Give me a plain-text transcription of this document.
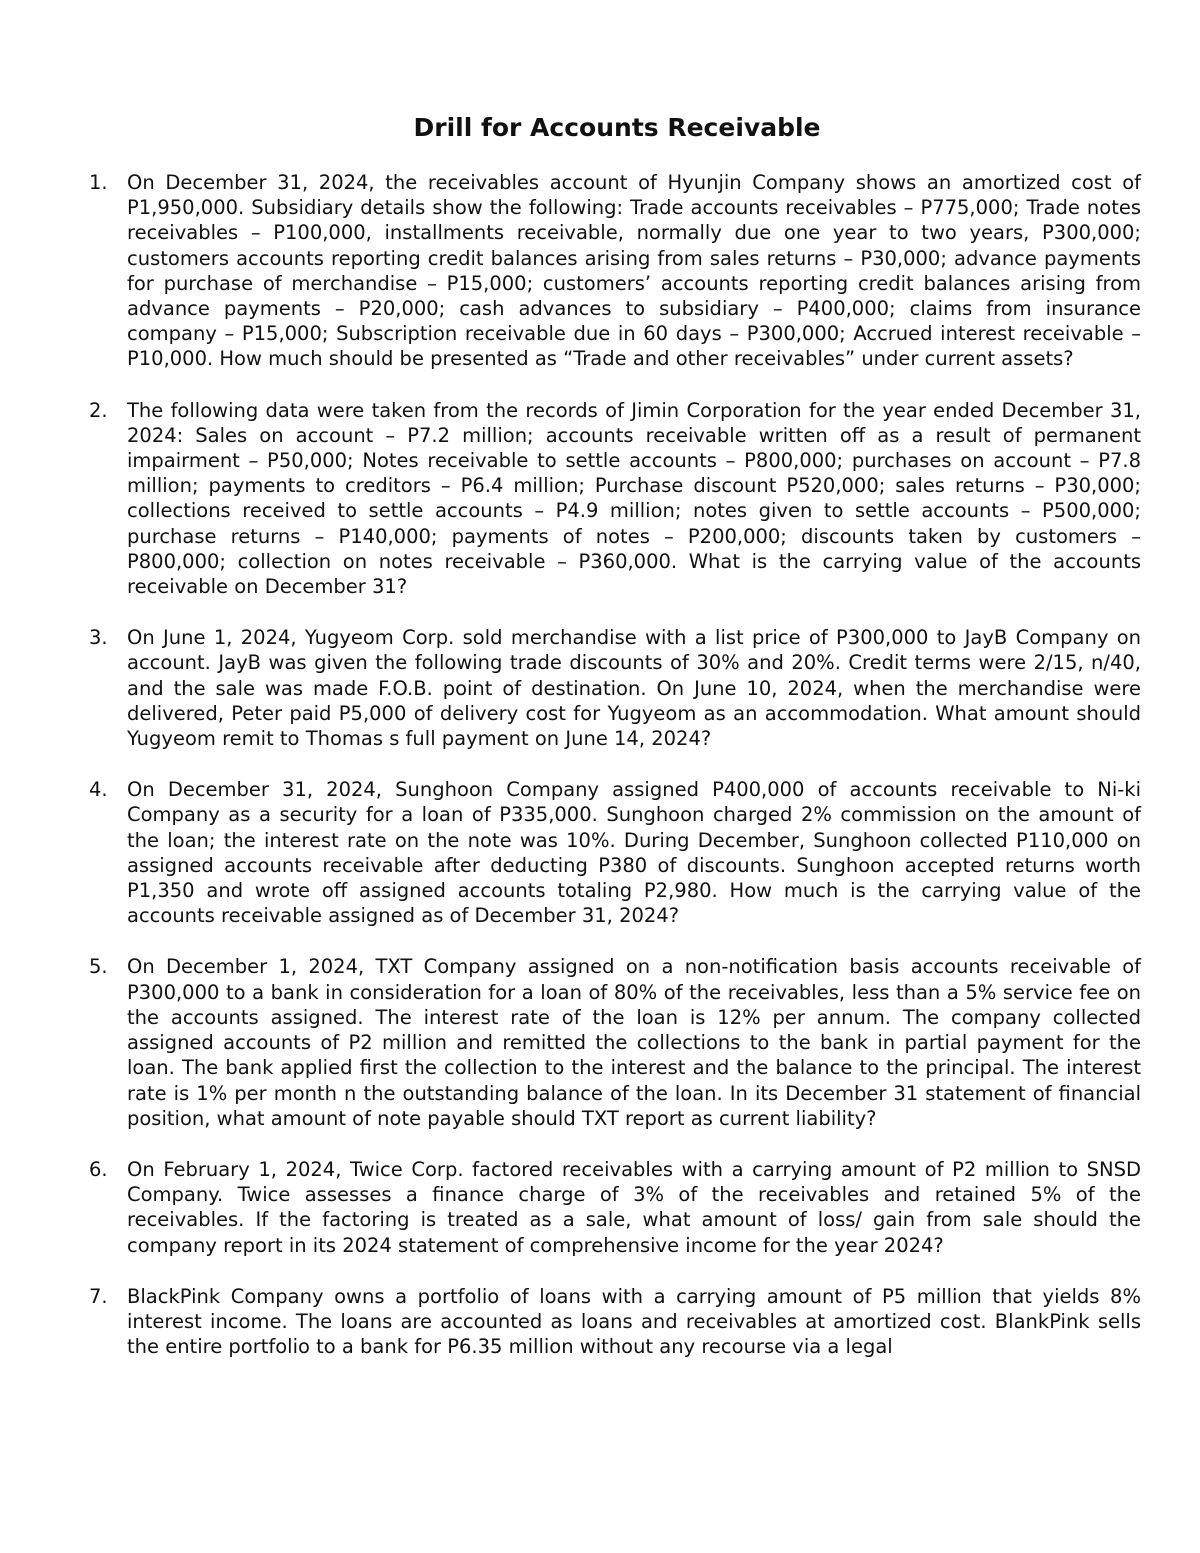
Drill for Accounts Receivable
1. On December 31, 2024, the receivables account of Hyunjin Company shows an amortized cost of P1,950,000. Subsidiary details show the following: Trade accounts receivables – P775,000; Trade notes receivables – P100,000, installments receivable, normally due one year to two years, P300,000; customers accounts reporting credit balances arising from sales returns – P30,000; advance payments for purchase of merchandise – P15,000; customers’ accounts reporting credit balances arising from advance payments – P20,000; cash advances to subsidiary – P400,000; claims from insurance company – P15,000; Subscription receivable due in 60 days – P300,000; Accrued interest receivable – P10,000. How much should be presented as “Trade and other receivables” under current assets?
2. The following data were taken from the records of Jimin Corporation for the year ended December 31, 2024: Sales on account – P7.2 million; accounts receivable written off as a result of permanent impairment – P50,000; Notes receivable to settle accounts – P800,000; purchases on account – P7.8 million; payments to creditors – P6.4 million; Purchase discount P520,000; sales returns – P30,000; collections received to settle accounts – P4.9 million; notes given to settle accounts – P500,000; purchase returns – P140,000; payments of notes – P200,000; discounts taken by customers – P800,000; collection on notes receivable – P360,000. What is the carrying value of the accounts receivable on December 31?
3. On June 1, 2024, Yugyeom Corp. sold merchandise with a list price of P300,000 to JayB Company on account. JayB was given the following trade discounts of 30% and 20%. Credit terms were 2/15, n/40, and the sale was made F.O.B. point of destination. On June 10, 2024, when the merchandise were delivered, Peter paid P5,000 of delivery cost for Yugyeom as an accommodation. What amount should Yugyeom remit to Thomas s full payment on June 14, 2024?
4. On December 31, 2024, Sunghoon Company assigned P400,000 of accounts receivable to Ni-ki Company as a security for a loan of P335,000. Sunghoon charged 2% commission on the amount of the loan; the interest rate on the note was 10%. During December, Sunghoon collected P110,000 on assigned accounts receivable after deducting P380 of discounts. Sunghoon accepted returns worth P1,350 and wrote off assigned accounts totaling P2,980. How much is the carrying value of the accounts receivable assigned as of December 31, 2024?
5. On December 1, 2024, TXT Company assigned on a non-notification basis accounts receivable of P300,000 to a bank in consideration for a loan of 80% of the receivables, less than a 5% service fee on the accounts assigned. The interest rate of the loan is 12% per annum. The company collected assigned accounts of P2 million and remitted the collections to the bank in partial payment for the loan. The bank applied first the collection to the interest and the balance to the principal. The interest rate is 1% per month n the outstanding balance of the loan. In its December 31 statement of financial position, what amount of note payable should TXT report as current liability?
6. On February 1, 2024, Twice Corp. factored receivables with a carrying amount of P2 million to SNSD Company. Twice assesses a finance charge of 3% of the receivables and retained 5% of the receivables. If the factoring is treated as a sale, what amount of loss/ gain from sale should the company report in its 2024 statement of comprehensive income for the year 2024?
7. BlackPink Company owns a portfolio of loans with a carrying amount of P5 million that yields 8% interest income. The loans are accounted as loans and receivables at amortized cost. BlankPink sells the entire portfolio to a bank for P6.35 million without any recourse via a legal
